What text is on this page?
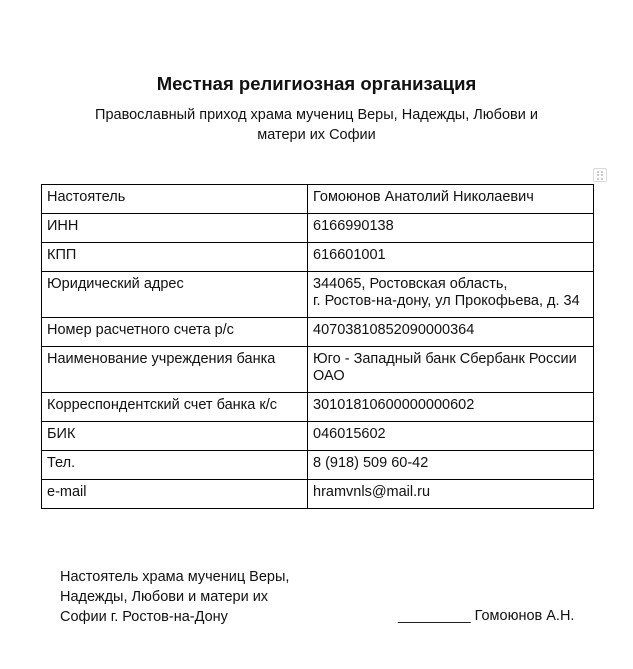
Местная религиозная организация
Православный приход храма мучениц Веры, Надежды, Любови и матери их Софии
Настоятель	Гомоюнов Анатолий Николаевич
ИНН	6166990138
КПП	616601001
Юридический адрес	344065, Ростовская область,
г. Ростов-на-дону, ул Прокофьева, д. 34
Номер расчетного счета р/с	40703810852090000364
Наименование учреждения банка	Юго - Западный банк Сбербанк России ОАО
Корреспондентский счет банка к/с	30101810600000000602
БИК	046015602
Тел.	8 (918) 509 60-42
e-mail	hramvnls@mail.ru
Настоятель храма мучениц Веры,
Надежды, Любови и матери их
Софии г. Ростов-на-Дону	_________ Гомоюнов А.Н.
